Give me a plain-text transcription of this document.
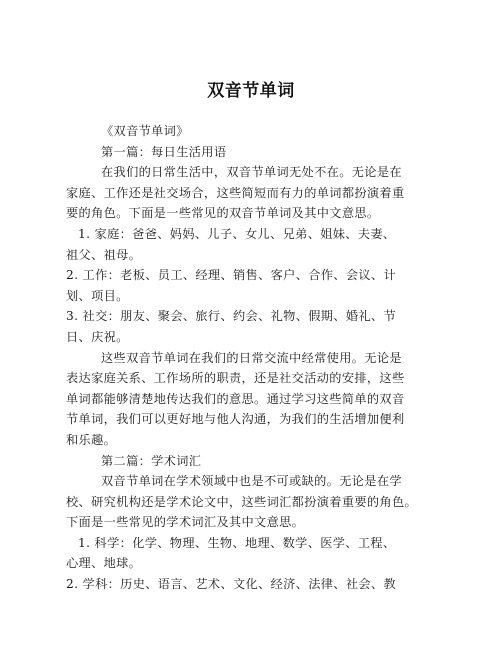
双音节单词
《双音节单词》
第一篇：每日生活用语
在我们的日常生活中，双音节单词无处不在。无论是在
家庭、工作还是社交场合，这些简短而有力的单词都扮演着重
要的角色。下面是一些常见的双音节单词及其中文意思。
1. 家庭：爸爸、妈妈、儿子、女儿、兄弟、姐妹、夫妻、
祖父、祖母。
2. 工作：老板、员工、经理、销售、客户、合作、会议、计
划、项目。
3. 社交：朋友、聚会、旅行、约会、礼物、假期、婚礼、节
日、庆祝。
这些双音节单词在我们的日常交流中经常使用。无论是
表达家庭关系、工作场所的职责，还是社交活动的安排，这些
单词都能够清楚地传达我们的意思。通过学习这些简单的双音
节单词，我们可以更好地与他人沟通，为我们的生活增加便利
和乐趣。
第二篇：学术词汇
双音节单词在学术领域中也是不可或缺的。无论是在学
校、研究机构还是学术论文中，这些词汇都扮演着重要的角色。
下面是一些常见的学术词汇及其中文意思。
1. 科学：化学、物理、生物、地理、数学、医学、工程、
心理、地球。
2. 学科：历史、语言、艺术、文化、经济、法律、社会、教
